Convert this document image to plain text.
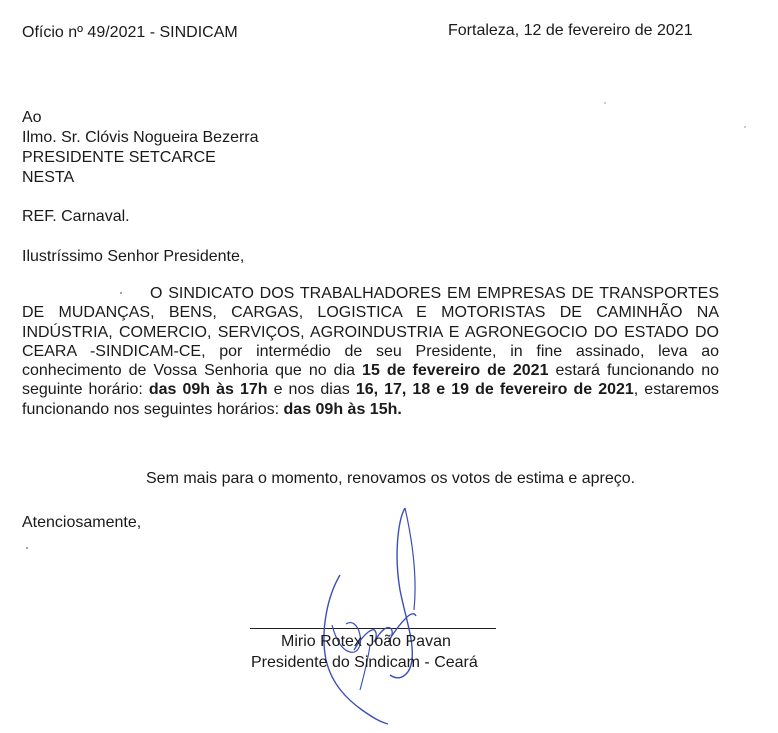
Ofício nº 49/2021 - SINDICAM	Fortaleza, 12 de fevereiro de 2021
Ao
Ilmo. Sr. Clóvis Nogueira Bezerra
PRESIDENTE SETCARCE
NESTA
REF. Carnaval.
Ilustríssimo Senhor Presidente,
O SINDICATO DOS TRABALHADORES EM EMPRESAS DE TRANSPORTES DE MUDANÇAS, BENS, CARGAS, LOGISTICA E MOTORISTAS DE CAMINHÃO NA INDÚSTRIA, COMERCIO, SERVIÇOS, AGROINDUSTRIA E AGRONEGOCIO DO ESTADO DO CEARA -SINDICAM-CE, por intermédio de seu Presidente, in fine assinado, leva ao conhecimento de Vossa Senhoria que no dia 15 de fevereiro de 2021 estará funcionando no seguinte horário: das 09h às 17h e nos dias 16, 17, 18 e 19 de fevereiro de 2021, estaremos funcionando nos seguintes horários: das 09h às 15h.
Sem mais para o momento, renovamos os votos de estima e apreço.
Atenciosamente,
Mirio Rotex João Pavan
Presidente do Sindicam - Ceará
